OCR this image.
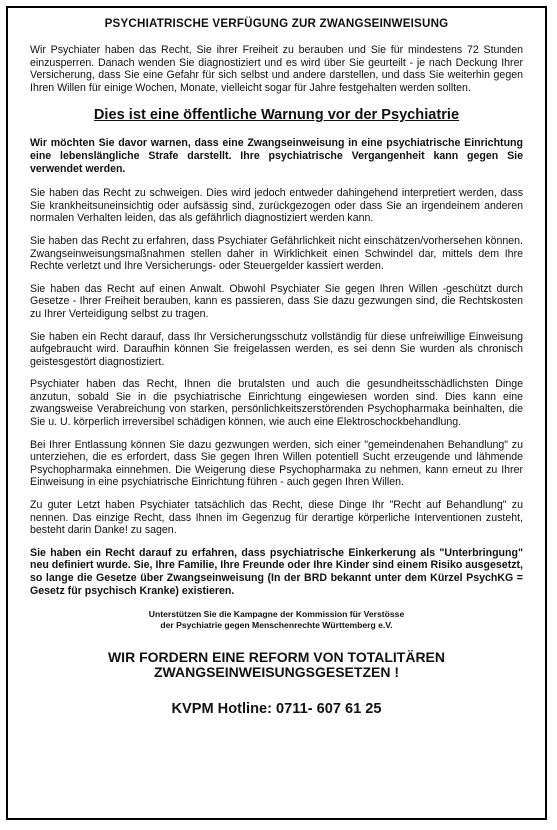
PSYCHIATRISCHE VERFÜGUNG ZUR ZWANGSEINWEISUNG

Wir Psychiater haben das Recht, Sie ihrer Freiheit zu berauben und Sie für mindestens 72 Stunden einzusperren. Danach wenden Sie diagnostiziert und es wird über Sie geurteilt - je nach Deckung Ihrer Versicherung, dass Sie eine Gefahr für sich selbst und andere darstellen, und dass Sie weiterhin gegen Ihren Willen für einige Wochen, Monate, vielleicht sogar für Jahre festgehalten werden sollten.

Dies ist eine öffentliche Warnung vor der Psychiatrie

Wir möchten Sie davor warnen, dass eine Zwangseinweisung in eine psychiatrische Einrichtung eine lebenslängliche Strafe darstellt. Ihre psychiatrische Vergangenheit kann gegen Sie verwendet werden.

Sie haben das Recht zu schweigen. Dies wird jedoch entweder dahingehend interpretiert werden, dass Sie krankheitsuneinsichtig oder aufsässig sind, zurückgezogen oder dass Sie an irgendeinem anderen normalen Verhalten leiden, das als gefährlich diagnostiziert werden kann.

Sie haben das Recht zu erfahren, dass Psychiater Gefährlichkeit nicht einschätzen/vorhersehen können. Zwangseinweisungsmaßnahmen stellen daher in Wirklichkeit einen Schwindel dar, mittels dem Ihre Rechte verletzt und Ihre Versicherungs- oder Steuergelder kassiert werden.

Sie haben das Recht auf einen Anwalt. Obwohl Psychiater Sie gegen Ihren Willen -geschützt durch Gesetze - Ihrer Freiheit berauben, kann es passieren, dass Sie dazu gezwungen sind, die Rechtskosten zu Ihrer Verteidigung selbst zu tragen.

Sie haben ein Recht darauf, dass Ihr Versicherungsschutz vollständig für diese unfreiwillige Einweisung aufgebraucht wird. Daraufhin können Sie freigelassen werden, es sei denn Sie wurden als chronisch geistesgestört diagnostiziert.

Psychiater haben das Recht, Ihnen die brutalsten und auch die gesundheitsschädlichsten Dinge anzutun, sobald Sie in die psychiatrische Einrichtung eingewiesen worden sind. Dies kann eine zwangsweise Verabreichung von starken, persönlichkeitszerstörenden Psychopharmaka beinhalten, die Sie u. U. körperlich irreversibel schädigen können, wie auch eine Elektroschockbehandlung.

Bei Ihrer Entlassung können Sie dazu gezwungen werden, sich einer "gemeindenahen Behandlung" zu unterziehen, die es erfordert, dass Sie gegen Ihren Willen potentiell Sucht erzeugende und lähmende Psychopharmaka einnehmen. Die Weigerung diese Psychopharmaka zu nehmen, kann erneut zu Ihrer Einweisung in eine psychiatrische Einrichtung führen - auch gegen Ihren Willen.

Zu guter Letzt haben Psychiater tatsächlich das Recht, diese Dinge Ihr "Recht auf Behandlung" zu nennen. Das einzige Recht, dass Ihnen im Gegenzug für derartige körperliche Interventionen zusteht, besteht darin Danke! zu sagen.

Sie haben ein Recht darauf zu erfahren, dass psychiatrische Einkerkerung als "Unterbringung" neu definiert wurde. Sie, Ihre Familie, Ihre Freunde oder Ihre Kinder sind einem Risiko ausgesetzt, so lange die Gesetze über Zwangseinweisung (In der BRD bekannt unter dem Kürzel PsychKG = Gesetz für psychisch Kranke) existieren.

Unterstützen Sie die Kampagne der Kommission für Verstösse
der Psychiatrie gegen Menschenrechte Württemberg e.V.
WIR FORDERN EINE REFORM VON TOTALITÄREN
ZWANGSEINWEISUNGSGESETZEN !
KVPM Hotline: 0711- 607 61 25
